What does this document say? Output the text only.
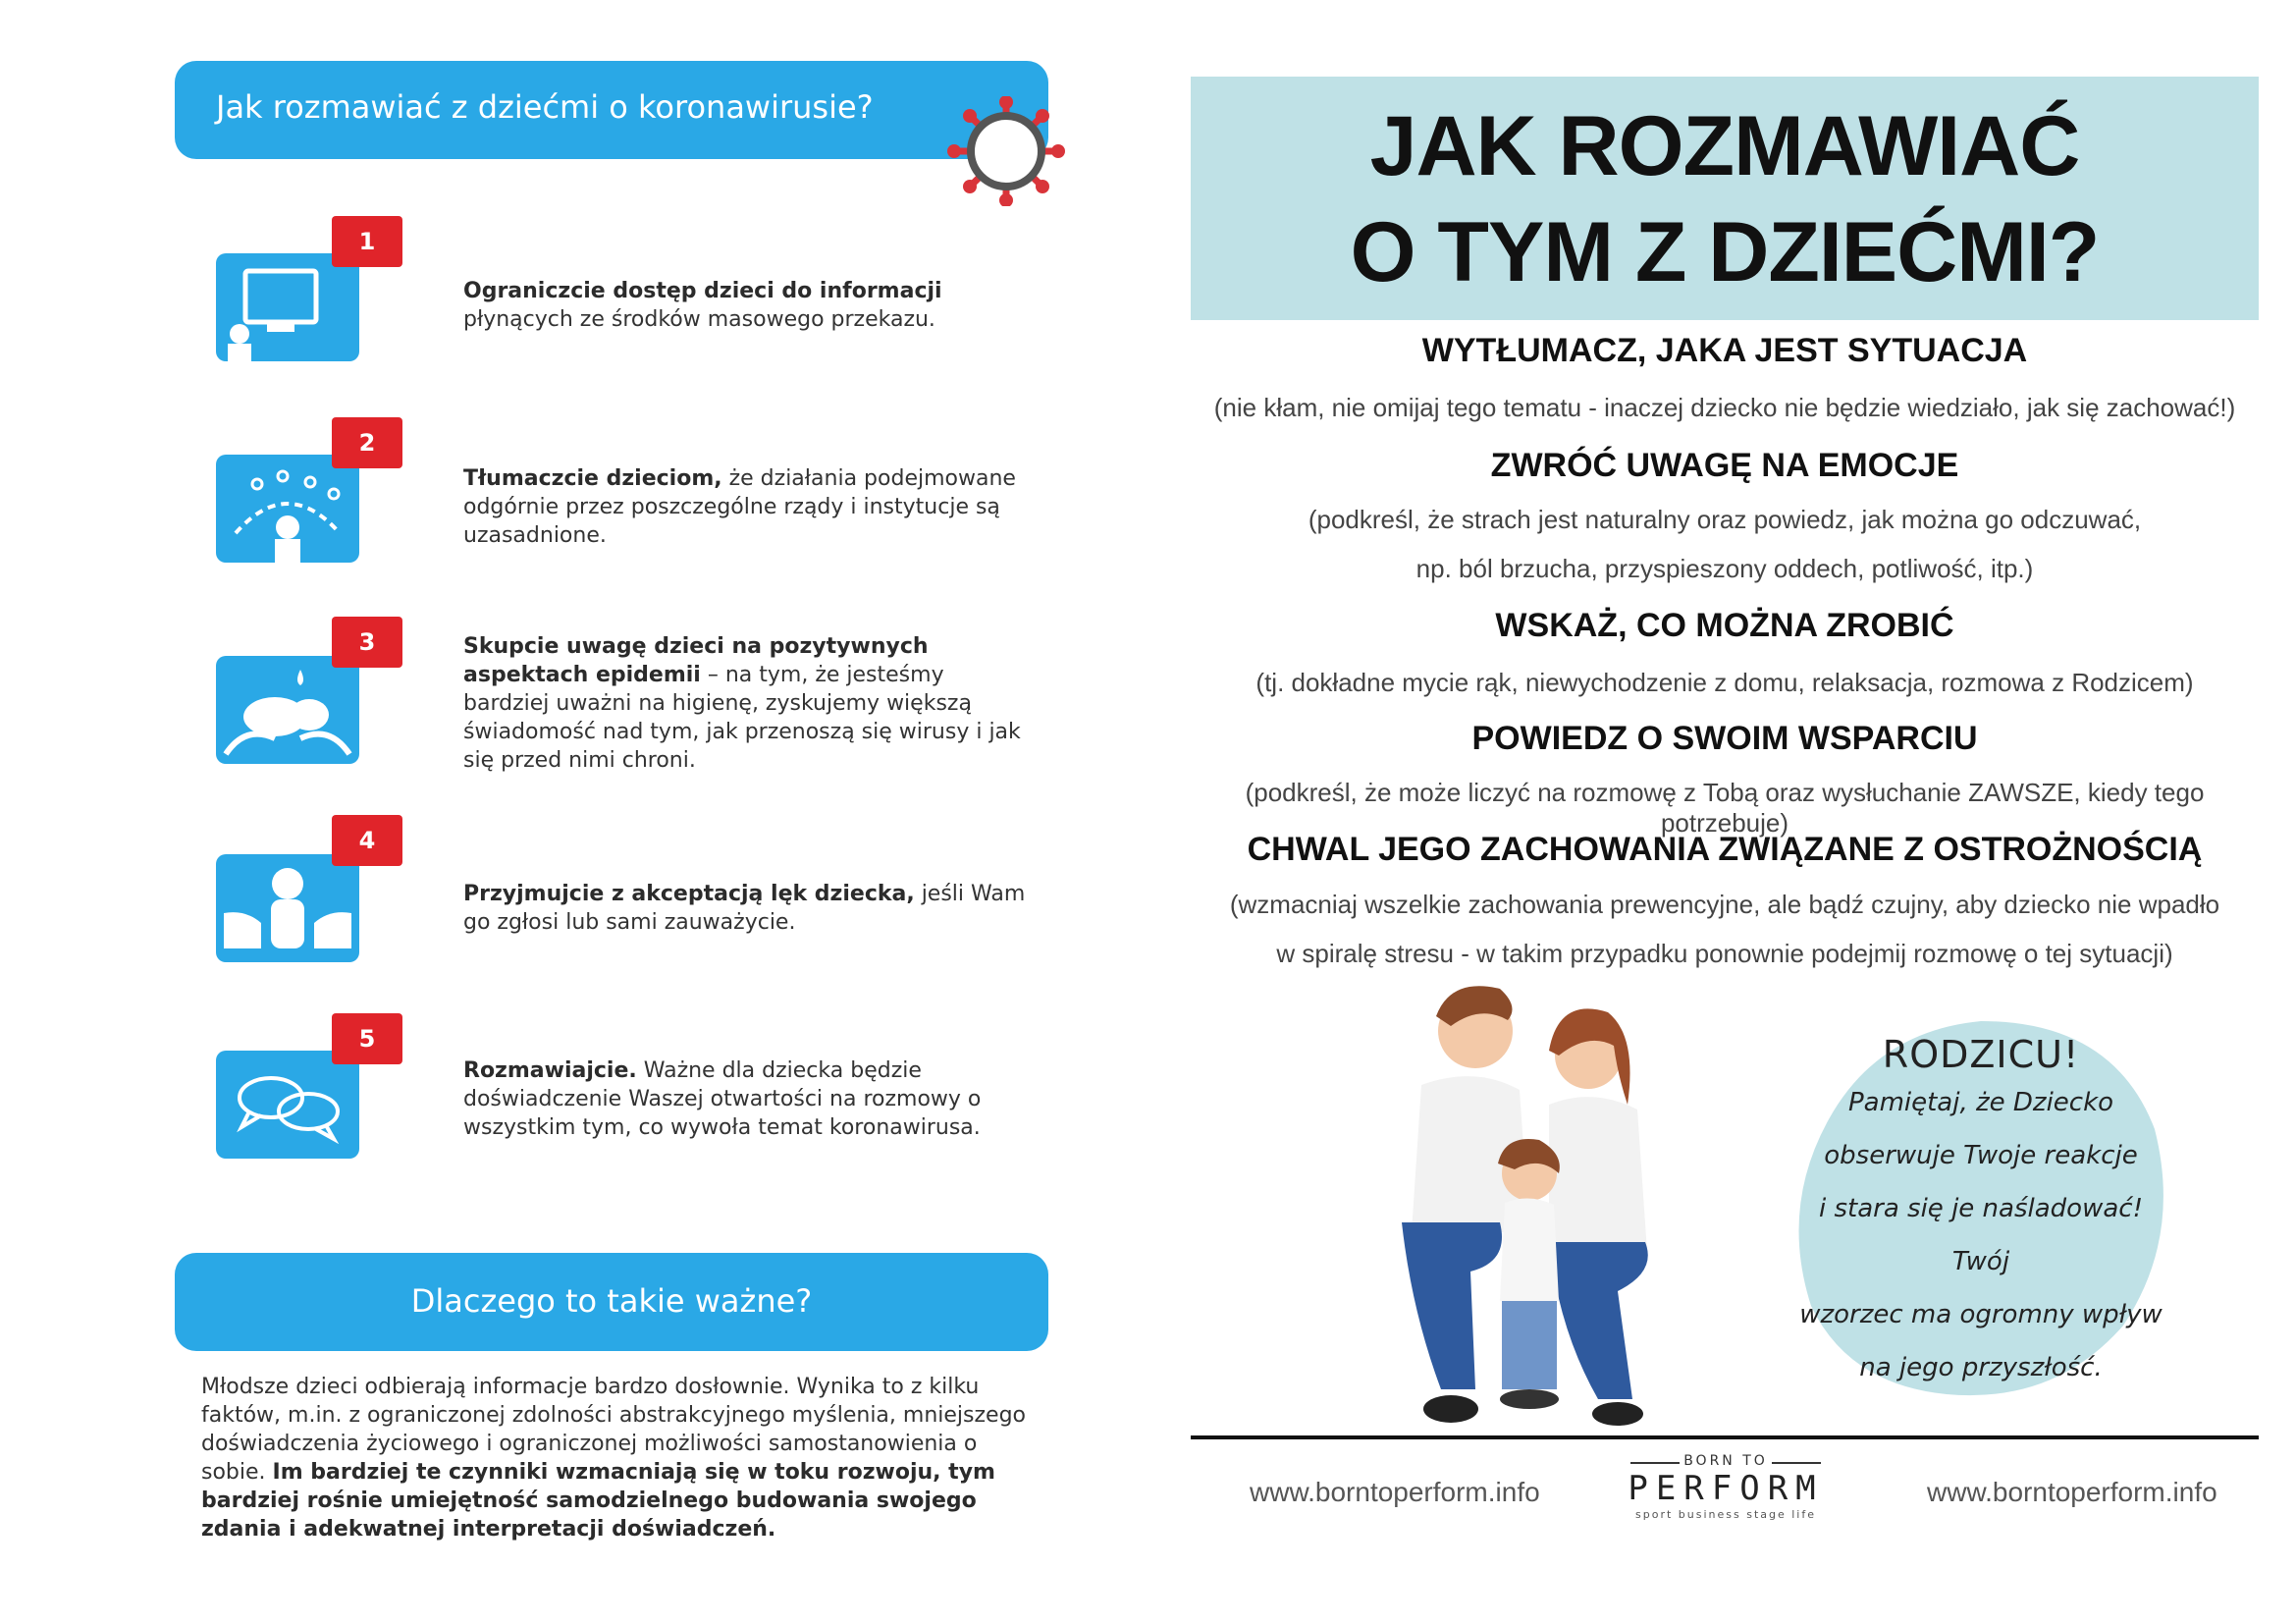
Jak rozmawiać z dziećmi o koronawirusie?
1

Ograniczcie dostęp dzieci do informacji płynących ze środków masowego przekazu.

2

Tłumaczcie dzieciom, że działania podejmowane odgórnie przez poszczególne rządy i instytucje są uzasadnione.

3	Skupcie uwagę dzieci na pozytywnych aspektach epidemii – na tym, że jesteśmy bardziej uważni na higienę, zyskujemy większą świadomość nad tym, jak przenoszą się wirusy i jak się przed nimi chroni.

4

Przyjmujcie z akceptacją lęk dziecka, jeśli Wam go zgłosi lub sami zauważycie.

5

Rozmawiajcie. Ważne dla dziecka będzie doświadczenie Waszej otwartości na rozmowy o wszystkim tym, co wywoła temat koronawirusa.

Dlaczego to takie ważne?

Młodsze dzieci odbierają informacje bardzo dosłownie. Wynika to z kilku faktów, m.in. z ograniczonej zdolności abstrakcyjnego myślenia, mniejszego doświadczenia życiowego i ograniczonej możliwości samostanowienia o sobie. Im bardziej te czynniki wzmacniają się w toku rozwoju, tym bardziej rośnie umiejętność samodzielnego budowania swojego zdania i adekwatnej interpretacji doświadczeń.

JAK ROZMAWIAĆ
O TYM Z DZIEĆMI?
WYTŁUMACZ, JAKA JEST SYTUACJA
(nie kłam, nie omijaj tego tematu - inaczej dziecko nie będzie wiedziało, jak się zachować!)
ZWRÓĆ UWAGĘ NA EMOCJE
(podkreśl, że strach jest naturalny oraz powiedz, jak można go odczuwać,
np. ból brzucha, przyspieszony oddech, potliwość, itp.)
WSKAŻ, CO MOŻNA ZROBIĆ
(tj. dokładne mycie rąk, niewychodzenie z domu, relaksacja, rozmowa z Rodzicem)
POWIEDZ O SWOIM WSPARCIU
(podkreśl, że może liczyć na rozmowę z Tobą oraz wysłuchanie ZAWSZE, kiedy tego potrzebuje)
CHWAL JEGO ZACHOWANIA ZWIĄZANE Z OSTROŻNOŚCIĄ
(wzmacniaj wszelkie zachowania prewencyjne, ale bądź czujny, aby dziecko nie wpadło
w spiralę stresu - w takim przypadku ponownie podejmij rozmowę o tej sytuacji)
RODZICU!
Pamiętaj, że Dziecko
obserwuje Twoje reakcje
i stara się je naśladować! Twój
wzorzec ma ogromny wpływ
na jego przyszłość.
www.borntoperform.info
BORN TO
PERFORM
sport business stage life
www.borntoperform.info
